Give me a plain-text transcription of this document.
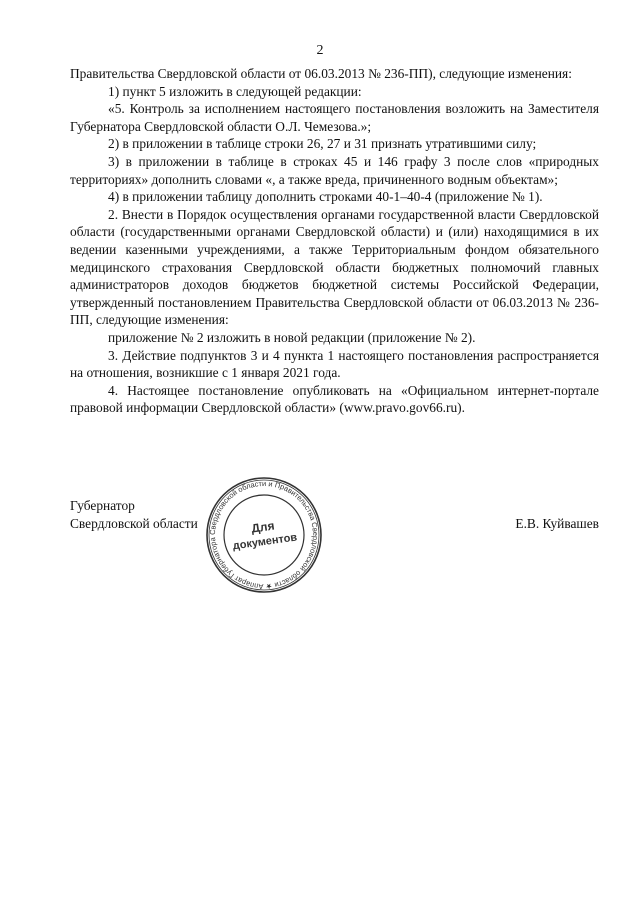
2

Правительства Свердловской области от 06.03.2013 № 236-ПП), следующие изменения:

1) пункт 5 изложить в следующей редакции:

«5. Контроль за исполнением настоящего постановления возложить на Заместителя Губернатора Свердловской области О.Л. Чемезова.»;

2) в приложении в таблице строки 26, 27 и 31 признать утратившими силу;

3) в приложении в таблице в строках 45 и 146 графу 3 после слов «природных территориях» дополнить словами «, а также вреда, причиненного водным объектам»;

4) в приложении таблицу дополнить строками 40-1–40-4 (приложение № 1).

2. Внести в Порядок осуществления органами государственной власти Свердловской области (государственными органами Свердловской области) и (или) находящимися в их ведении казенными учреждениями, а также Территориальным фондом обязательного медицинского страхования Свердловской области бюджетных полномочий главных администраторов доходов бюджетов бюджетной системы Российской Федерации, утвержденный постановлением Правительства Свердловской области от 06.03.2013 № 236-ПП, следующие изменения:

приложение № 2 изложить в новой редакции (приложение № 2).

3. Действие подпунктов 3 и 4 пункта 1 настоящего постановления распространяется на отношения, возникшие с 1 января 2021 года.

4. Настоящее постановление опубликовать на «Официальном интернет-портале правовой информации Свердловской области» (www.pravo.gov66.ru).

Губернатор
Свердловской области	Е.В. Куйвашев
Свердловской области и Правительства Свердловской области ★ Аппарат Губернатора
Для
документов
